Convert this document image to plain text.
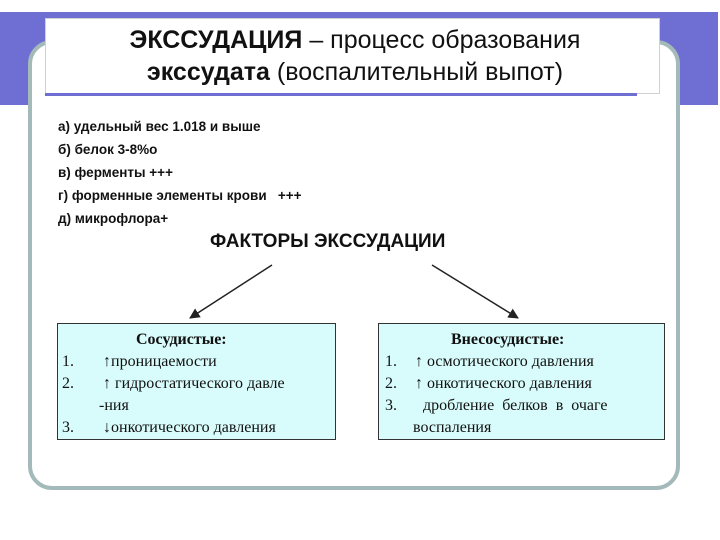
ЭКССУДАЦИЯ – процесс образования
экссудата (воспалительный выпот)
а) удельный вес 1.018 и выше
б) белок 3-8%о
в) ферменты +++
г) форменные элементы крови   +++
д) микрофлора+
ФАКТОРЫ ЭКССУДАЦИИ
Сосудистые:
1. ↑проницаемости
2. ↑ гидростатического давле
-ния
3. ↓онкотического давления
Внесосудистые:
1. ↑ осмотического давления
2. ↑ онкотического давления
3. дробление  белков  в  очаге
воспаления
